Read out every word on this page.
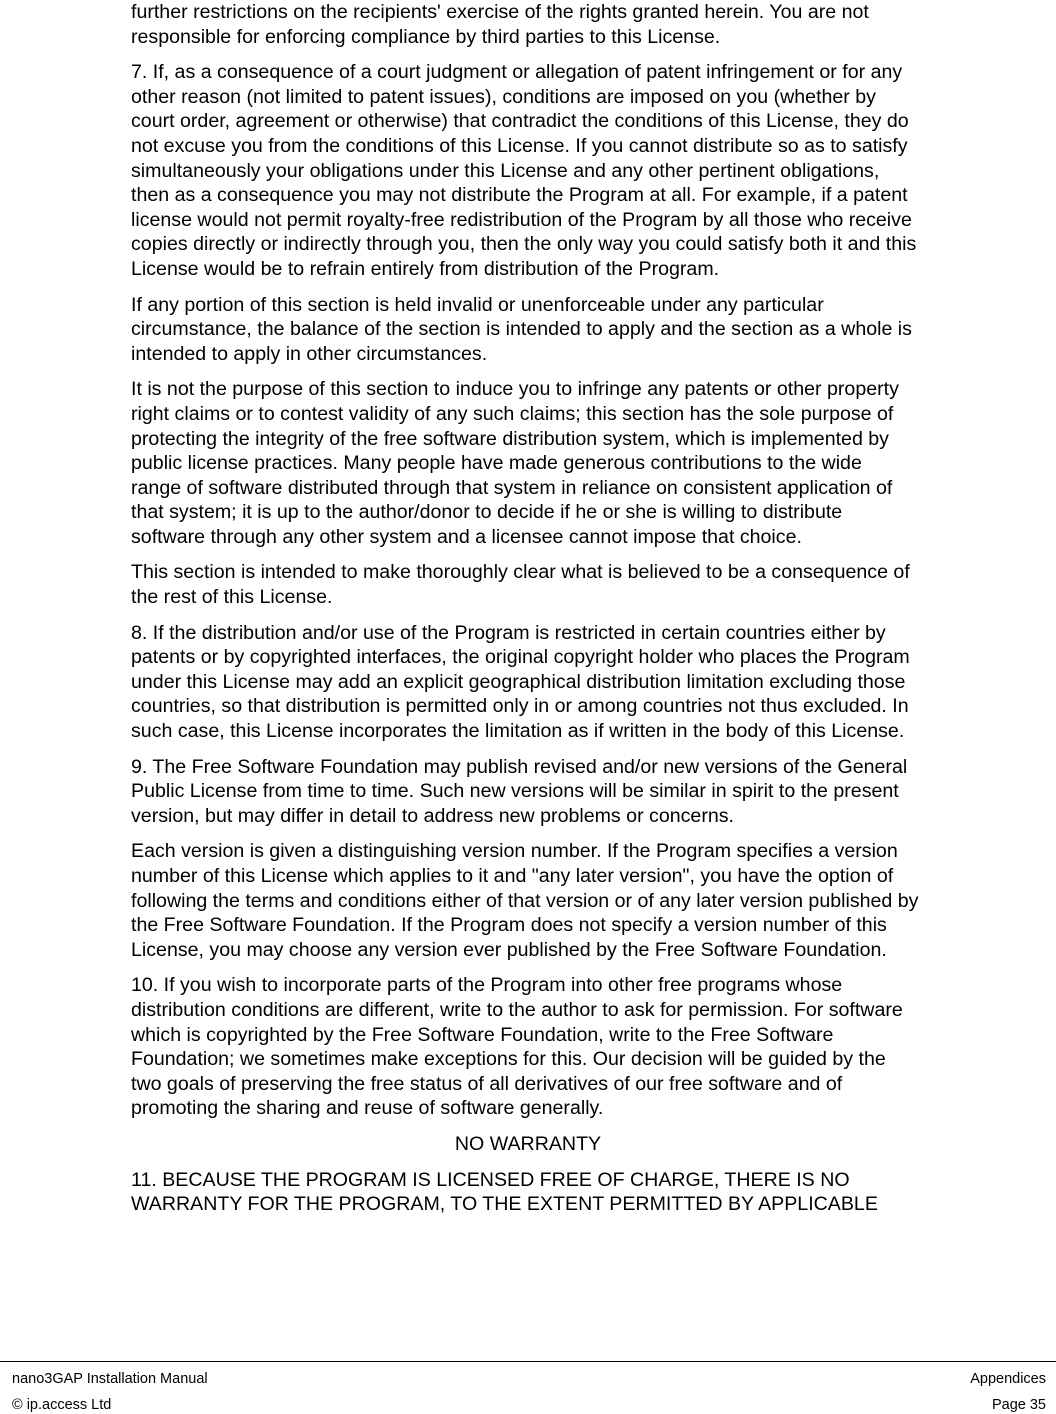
further restrictions on the recipients' exercise of the rights granted herein. You are not
responsible for enforcing compliance by third parties to this License.

7. If, as a consequence of a court judgment or allegation of patent infringement or for any
other reason (not limited to patent issues), conditions are imposed on you (whether by
court order, agreement or otherwise) that contradict the conditions of this License, they do
not excuse you from the conditions of this License. If you cannot distribute so as to satisfy
simultaneously your obligations under this License and any other pertinent obligations,
then as a consequence you may not distribute the Program at all. For example, if a patent
license would not permit royalty-free redistribution of the Program by all those who receive
copies directly or indirectly through you, then the only way you could satisfy both it and this
License would be to refrain entirely from distribution of the Program.

If any portion of this section is held invalid or unenforceable under any particular
circumstance, the balance of the section is intended to apply and the section as a whole is
intended to apply in other circumstances.

It is not the purpose of this section to induce you to infringe any patents or other property
right claims or to contest validity of any such claims; this section has the sole purpose of
protecting the integrity of the free software distribution system, which is implemented by
public license practices. Many people have made generous contributions to the wide
range of software distributed through that system in reliance on consistent application of
that system; it is up to the author/donor to decide if he or she is willing to distribute
software through any other system and a licensee cannot impose that choice.

This section is intended to make thoroughly clear what is believed to be a consequence of
the rest of this License.

8. If the distribution and/or use of the Program is restricted in certain countries either by
patents or by copyrighted interfaces, the original copyright holder who places the Program
under this License may add an explicit geographical distribution limitation excluding those
countries, so that distribution is permitted only in or among countries not thus excluded. In
such case, this License incorporates the limitation as if written in the body of this License.

9. The Free Software Foundation may publish revised and/or new versions of the General
Public License from time to time. Such new versions will be similar in spirit to the present
version, but may differ in detail to address new problems or concerns.

Each version is given a distinguishing version number. If the Program specifies a version
number of this License which applies to it and "any later version", you have the option of
following the terms and conditions either of that version or of any later version published by
the Free Software Foundation. If the Program does not specify a version number of this
License, you may choose any version ever published by the Free Software Foundation.

10. If you wish to incorporate parts of the Program into other free programs whose
distribution conditions are different, write to the author to ask for permission. For software
which is copyrighted by the Free Software Foundation, write to the Free Software
Foundation; we sometimes make exceptions for this. Our decision will be guided by the
two goals of preserving the free status of all derivatives of our free software and of
promoting the sharing and reuse of software generally.

NO WARRANTY

11. BECAUSE THE PROGRAM IS LICENSED FREE OF CHARGE, THERE IS NO
WARRANTY FOR THE PROGRAM, TO THE EXTENT PERMITTED BY APPLICABLE

nano3GAP Installation Manual	Appendices
© ip.access Ltd	Page 35
